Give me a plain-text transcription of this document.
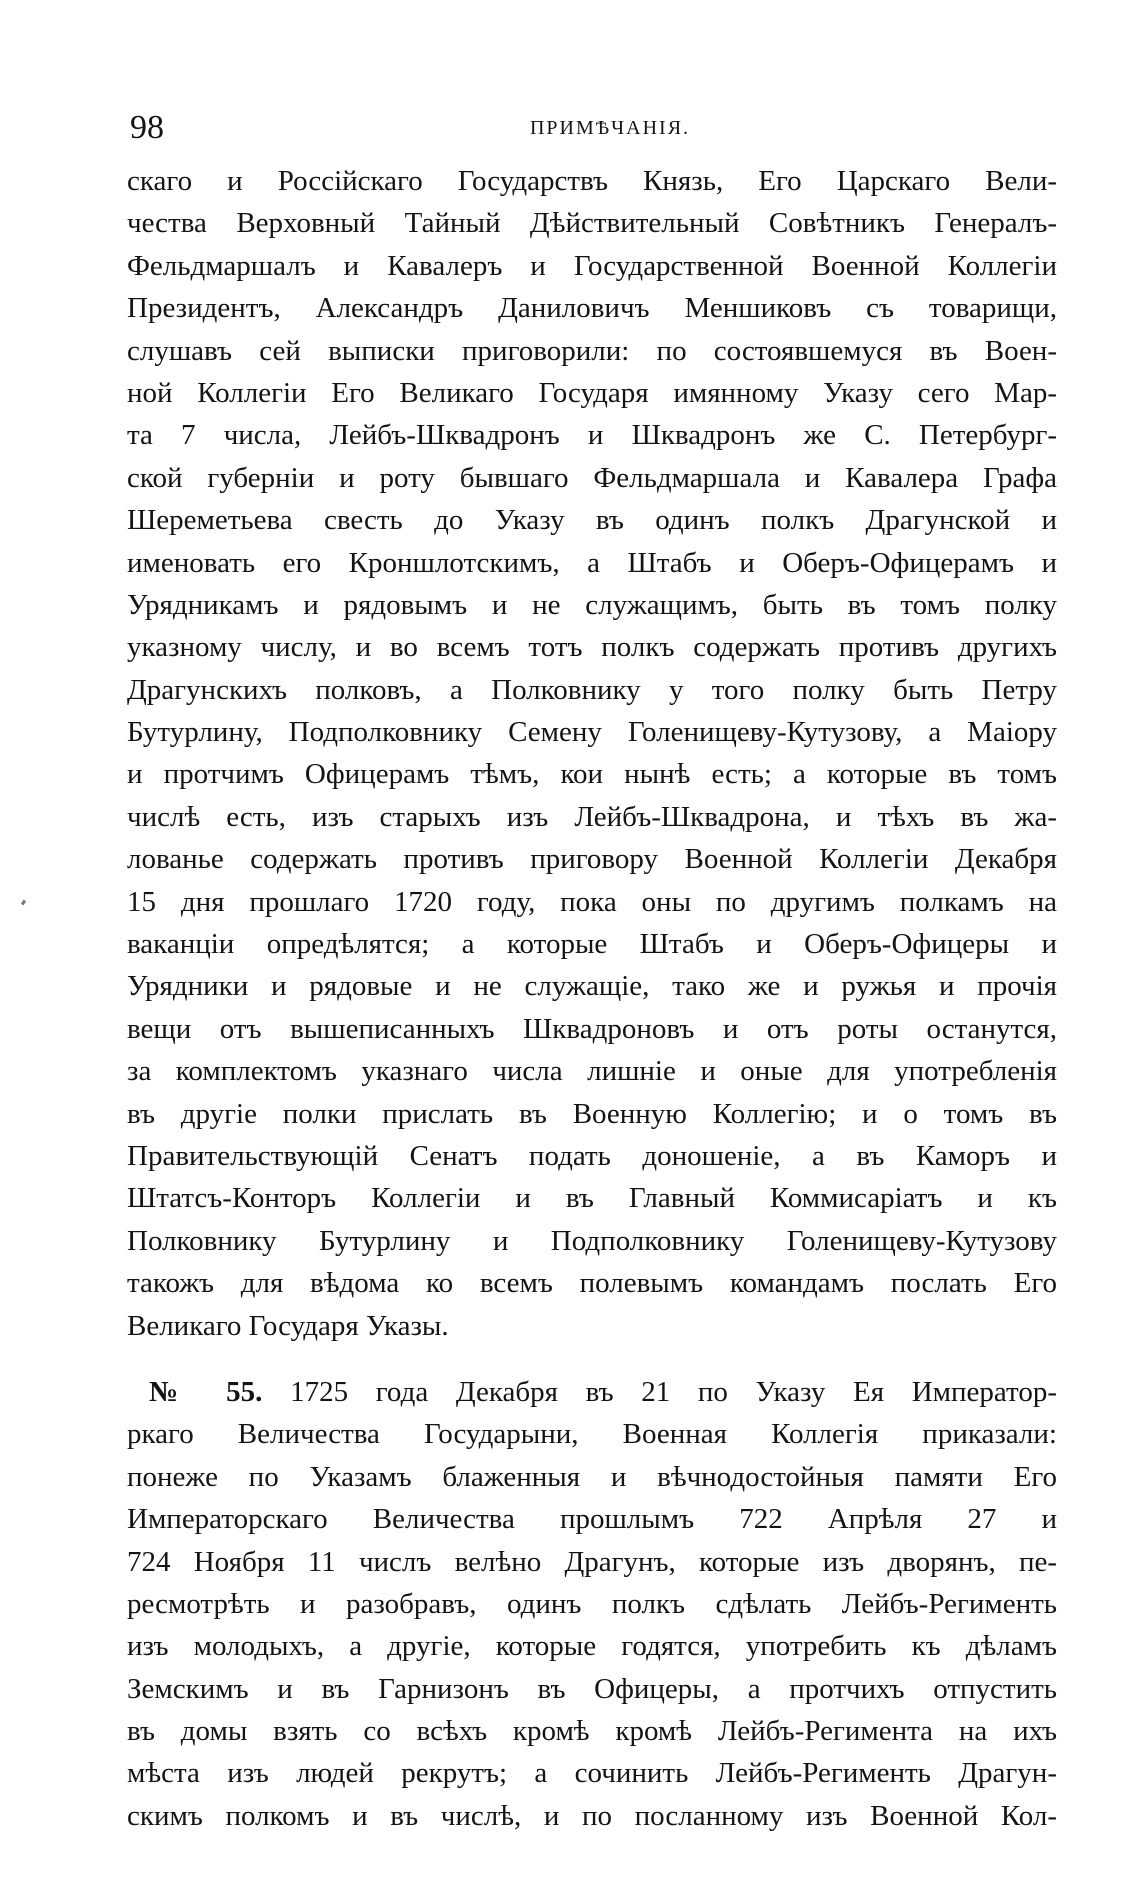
98	ПРИМѢЧАНІЯ.
скаго и Россійскаго Государствъ Князь, Его Царскаго Вели-
чества Верховный Тайный Дѣйствительный Совѣтникъ Генералъ-
Фельдмаршалъ и Кавалеръ и Государственной Военной Коллегіи
Президентъ, Александръ Даниловичъ Меншиковъ съ товарищи,
слушавъ сей выписки приговорили: по состоявшемуся въ Воен-
ной Коллегіи Его Великаго Государя имянному Указу сего Мар-
та 7 числа, Лейбъ-Шквадронъ и Шквадронъ же С. Петербург-
ской губерніи и роту бывшаго Фельдмаршала и Кавалера Графа
Шереметьева свесть до Указу въ одинъ полкъ Драгунской и
именовать его Кроншлотскимъ, а Штабъ и Оберъ-Офицерамъ и
Урядникамъ и рядовымъ и не служащимъ, быть въ томъ полку
указному числу, и во всемъ тотъ полкъ содержать противъ другихъ
Драгунскихъ полковъ, а Полковнику у того полку быть Петру
Бутурлину, Подполковнику Семену Голенищеву-Кутузову, а Маіору
и протчимъ Офицерамъ тѣмъ, кои нынѣ есть; а которые въ томъ
числѣ есть, изъ старыхъ изъ Лейбъ-Шквадрона, и тѣхъ въ жа-
лованье содержать противъ приговору Военной Коллегіи Декабря
15 дня прошлаго 1720 году, пока оны по другимъ полкамъ на
ваканціи опредѣлятся; а которые Штабъ и Оберъ-Офицеры и
Урядники и рядовые и не служащіе, тако же и ружья и прочія
вещи отъ вышеписанныхъ Шквадроновъ и отъ роты останутся,
за комплектомъ указнаго числа лишніе и оные для употребленія
въ другіе полки прислать въ Военную Коллегію; и о томъ въ
Правительствующій Сенатъ подать доношеніе, а въ Каморъ и
Штатсъ-Конторъ Коллегіи и въ Главный Коммисаріатъ и къ
Полковнику Бутурлину и Подполковнику Голенищеву-Кутузову
такожъ для вѣдома ко всемъ полевымъ командамъ послать Его
Великаго Государя Указы.
№ 55. 1725 года Декабря въ 21 по Указу Ея Император-
ркаго Величества Государыни, Военная Коллегія приказали:
понеже по Указамъ блаженныя и вѣчнодостойныя памяти Его
Императорскаго Величества прошлымъ 722 Апрѣля 27 и
724 Ноября 11 числъ велѣно Драгунъ, которые изъ дворянъ, пе-
ресмотрѣть и разобравъ, одинъ полкъ сдѣлать Лейбъ-Регименть
изъ молодыхъ, а другіе, которые годятся, употребить къ дѣламъ
Земскимъ и въ Гарнизонъ въ Офицеры, а протчихъ отпустить
въ домы взять со всѣхъ кромѣ кромѣ Лейбъ-Регимента на ихъ
мѣста изъ людей рекрутъ; а сочинить Лейбъ-Регименть Драгун-
скимъ полкомъ и въ числѣ, и по посланному изъ Военной Кол-
